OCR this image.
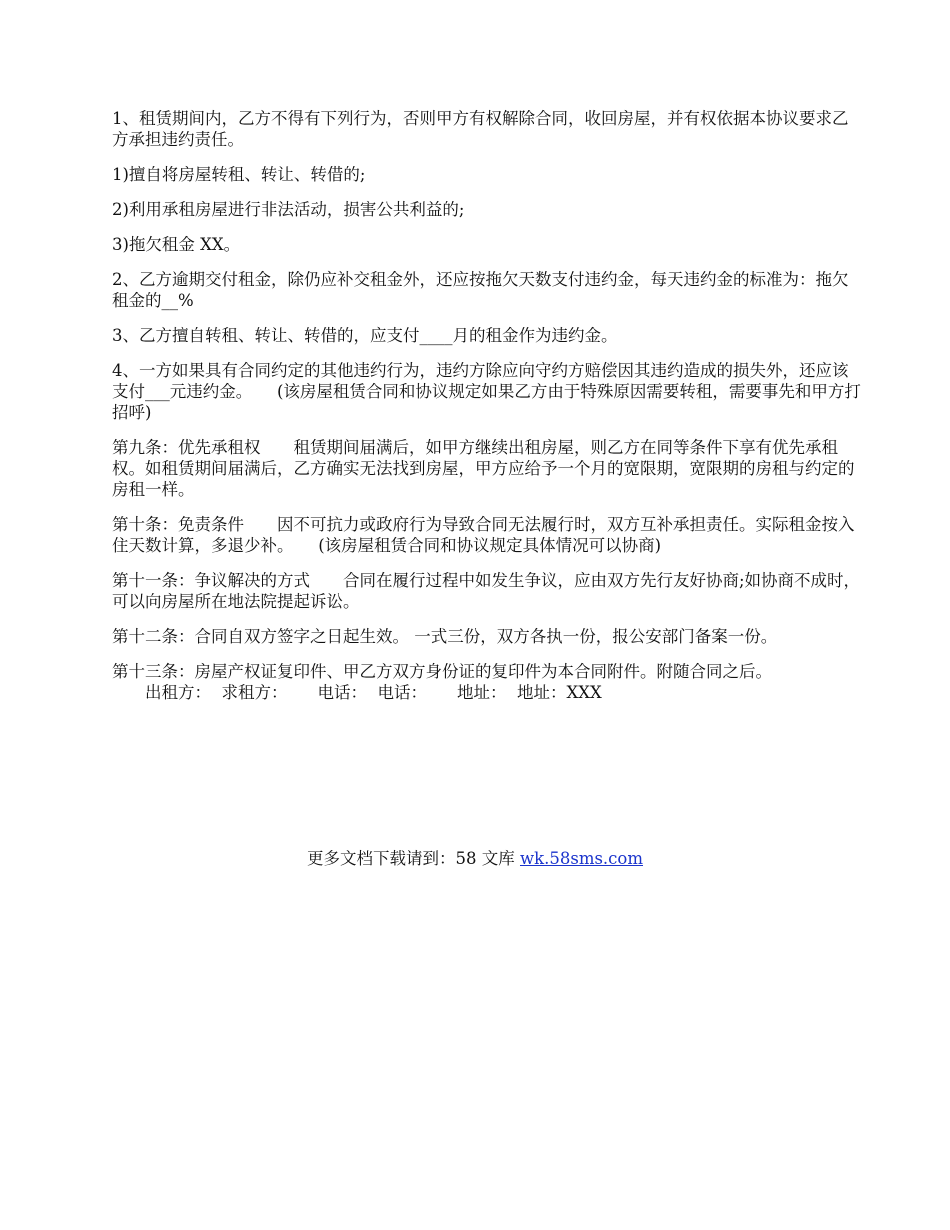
1、租赁期间内，乙方不得有下列行为，否则甲方有权解除合同，收回房屋，并有权依据本协议要求乙方承担违约责任。

1)擅自将房屋转租、转让、转借的;

2)利用承租房屋进行非法活动，损害公共利益的;

3)拖欠租金 XX。

2、乙方逾期交付租金，除仍应补交租金外，还应按拖欠天数支付违约金，每天违约金的标准为：拖欠租金的__%

3、乙方擅自转租、转让、转借的，应支付____月的租金作为违约金。

4、一方如果具有合同约定的其他违约行为，违约方除应向守约方赔偿因其违约造成的损失外，还应该支付___元违约金。　　(该房屋租赁合同和协议规定如果乙方由于特殊原因需要转租，需要事先和甲方打招呼)

第九条：优先承租权　　租赁期间届满后，如甲方继续出租房屋，则乙方在同等条件下享有优先承租权。如租赁期间届满后，乙方确实无法找到房屋，甲方应给予一个月的宽限期，宽限期的房租与约定的房租一样。

第十条：免责条件　　因不可抗力或政府行为导致合同无法履行时，双方互补承担责任。实际租金按入住天数计算，多退少补。　　(该房屋租赁合同和协议规定具体情况可以协商)

第十一条：争议解决的方式　　合同在履行过程中如发生争议，应由双方先行友好协商;如协商不成时，可以向房屋所在地法院提起诉讼。

第十二条：合同自双方签字之日起生效。 一式三份，双方各执一份，报公安部门备案一份。

第十三条：房屋产权证复印件、甲乙方双方身份证的复印件为本合同附件。附随合同之后。

　　出租方：  求租方：　　 电话：  电话：　　 地址：  地址：XXX

更多文档下载请到：58 文库 wk.58sms.com
